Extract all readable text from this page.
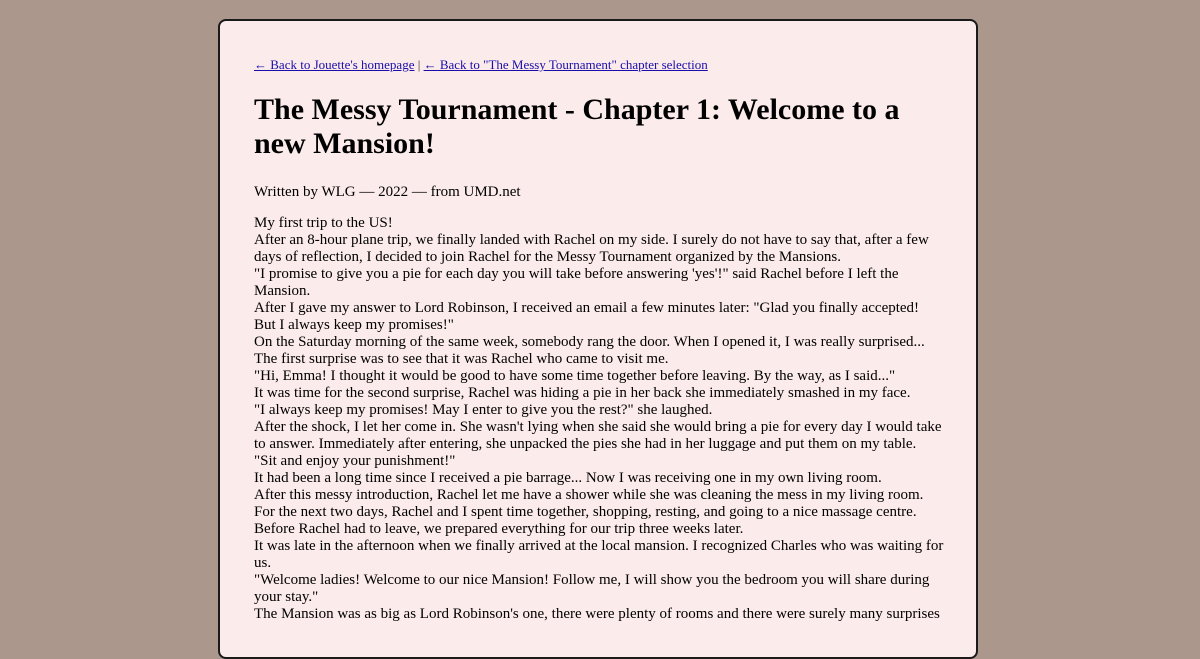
← Back to Jouette's homepage | ← Back to "The Messy Tournament" chapter selection
The Messy Tournament - Chapter 1: Welcome to a new Mansion!

Written by WLG — 2022 — from UMD.net

My first trip to the US!

After an 8-hour plane trip, we finally landed with Rachel on my side. I surely do not have to say that, after a few days of reflection, I decided to join Rachel for the Messy Tournament organized by the Mansions.

"I promise to give you a pie for each day you will take before answering 'yes'!" said Rachel before I left the Mansion.

After I gave my answer to Lord Robinson, I received an email a few minutes later: "Glad you finally accepted! But I always keep my promises!"

On the Saturday morning of the same week, somebody rang the door. When I opened it, I was really surprised...

The first surprise was to see that it was Rachel who came to visit me.

"Hi, Emma! I thought it would be good to have some time together before leaving. By the way, as I said..."

It was time for the second surprise, Rachel was hiding a pie in her back she immediately smashed in my face.

"I always keep my promises! May I enter to give you the rest?" she laughed.

After the shock, I let her come in. She wasn't lying when she said she would bring a pie for every day I would take to answer. Immediately after entering, she unpacked the pies she had in her luggage and put them on my table.

"Sit and enjoy your punishment!"

It had been a long time since I received a pie barrage... Now I was receiving one in my own living room.

After this messy introduction, Rachel let me have a shower while she was cleaning the mess in my living room.

For the next two days, Rachel and I spent time together, shopping, resting, and going to a nice massage centre.

Before Rachel had to leave, we prepared everything for our trip three weeks later.

It was late in the afternoon when we finally arrived at the local mansion. I recognized Charles who was waiting for us.

"Welcome ladies! Welcome to our nice Mansion! Follow me, I will show you the bedroom you will share during your stay."

The Mansion was as big as Lord Robinson's one, there were plenty of rooms and there were surely many surprises
